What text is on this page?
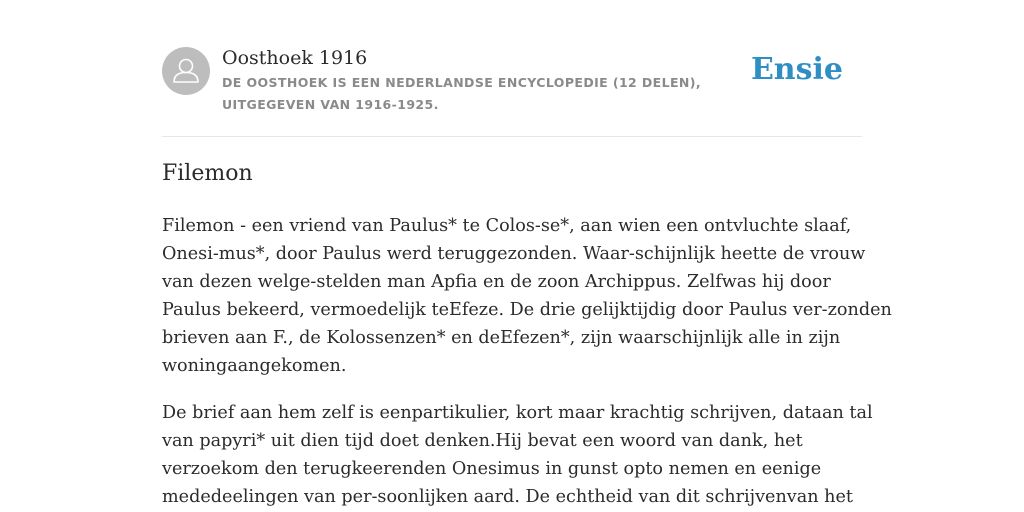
Oosthoek 1916
DE OOSTHOEK IS EEN NEDERLANDSE ENCYCLOPEDIE (12 DELEN), UITGEGEVEN VAN 1916-1925.
Ensie
Filemon

Filemon - een vriend van Paulus* te Colos-se*, aan wien een ontvluchte slaaf,
Onesi-mus*, door Paulus werd teruggezonden. Waar-schijnlijk heette de vrouw
van dezen welge-stelden man Apfia en de zoon Archippus. Zelfwas hij door
Paulus bekeerd, vermoedelijk teEfeze. De drie gelijktijdig door Paulus ver-zonden
brieven aan F., de Kolossenzen* en deEfezen*, zijn waarschijnlijk alle in zijn
woningaangekomen.

De brief aan hem zelf is eenpartikulier, kort maar krachtig schrijven, dataan tal
van papyri* uit dien tijd doet denken.Hij bevat een woord van dank, het
verzoekom den terugkeerenden Onesimus in gunst opto nemen en eenige
mededeelingen van per-soonlijken aard. De echtheid van dit schrijvenvan het
